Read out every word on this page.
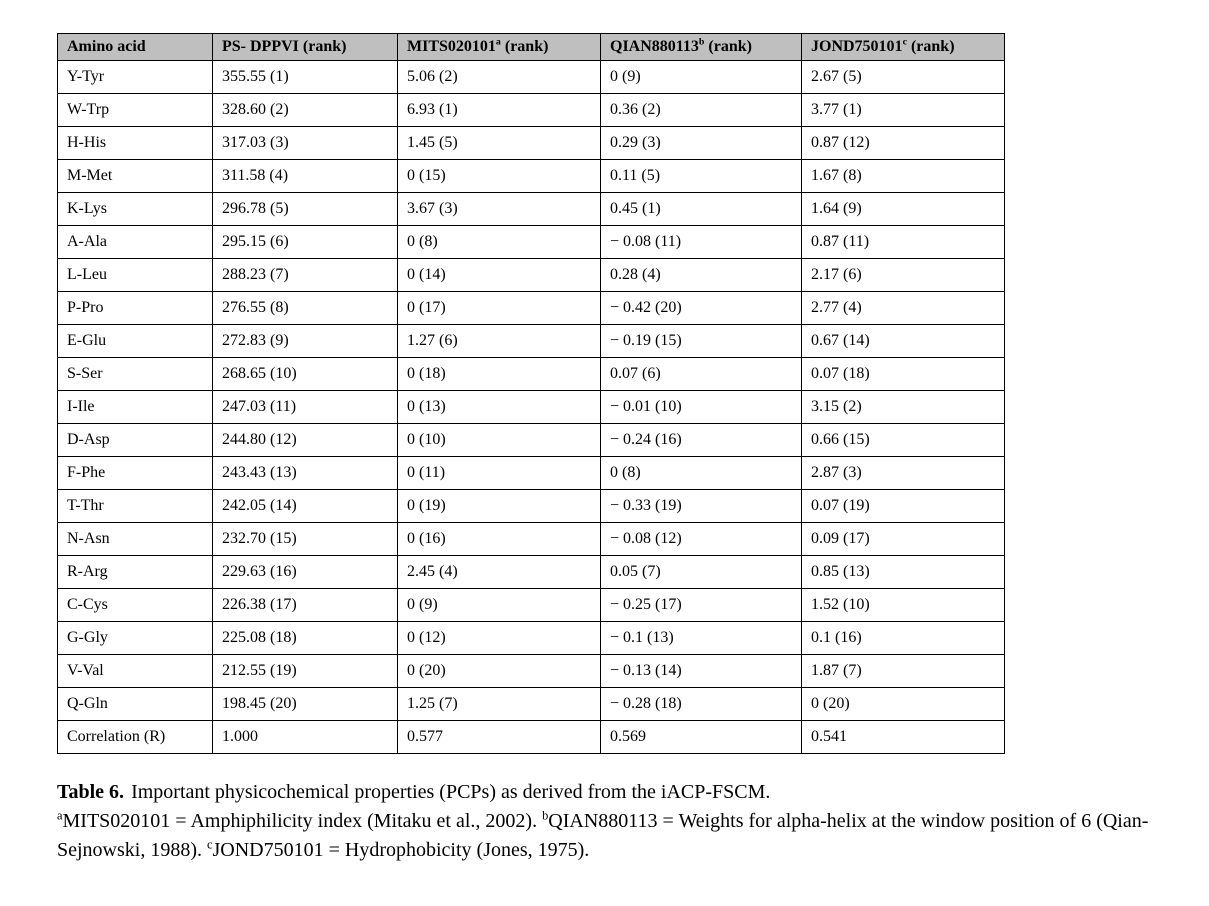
Amino acid	PS- DPPVI (rank)	MITS020101$^a$ (rank)	QIAN880113$^b$ (rank)	JOND750101$^c$ (rank)
Y-Tyr	355.55 (1)	5.06 (2)	0 (9)	2.67 (5)
W-Trp	328.60 (2)	6.93 (1)	0.36 (2)	3.77 (1)
H-His	317.03 (3)	1.45 (5)	0.29 (3)	0.87 (12)
M-Met	311.58 (4)	0 (15)	0.11 (5)	1.67 (8)
K-Lys	296.78 (5)	3.67 (3)	0.45 (1)	1.64 (9)
A-Ala	295.15 (6)	0 (8)	− 0.08 (11)	0.87 (11)
L-Leu	288.23 (7)	0 (14)	0.28 (4)	2.17 (6)
P-Pro	276.55 (8)	0 (17)	− 0.42 (20)	2.77 (4)
E-Glu	272.83 (9)	1.27 (6)	− 0.19 (15)	0.67 (14)
S-Ser	268.65 (10)	0 (18)	0.07 (6)	0.07 (18)
I-Ile	247.03 (11)	0 (13)	− 0.01 (10)	3.15 (2)
D-Asp	244.80 (12)	0 (10)	− 0.24 (16)	0.66 (15)
F-Phe	243.43 (13)	0 (11)	0 (8)	2.87 (3)
T-Thr	242.05 (14)	0 (19)	− 0.33 (19)	0.07 (19)
N-Asn	232.70 (15)	0 (16)	− 0.08 (12)	0.09 (17)
R-Arg	229.63 (16)	2.45 (4)	0.05 (7)	0.85 (13)
C-Cys	226.38 (17)	0 (9)	− 0.25 (17)	1.52 (10)
G-Gly	225.08 (18)	0 (12)	− 0.1 (13)	0.1 (16)
V-Val	212.55 (19)	0 (20)	− 0.13 (14)	1.87 (7)
Q-Gln	198.45 (20)	1.25 (7)	− 0.28 (18)	0 (20)
Correlation (R)	1.000	0.577	0.569	0.541
Table 6. Important physicochemical properties (PCPs) as derived from the iACP-FSCM.

$^a$MITS020101 = Amphiphilicity index (Mitaku et al., 2002). $^b$QIAN880113 = Weights for alpha-helix at the window position of 6 (Qian-Sejnowski, 1988). $^c$JOND750101 = Hydrophobicity (Jones, 1975).
